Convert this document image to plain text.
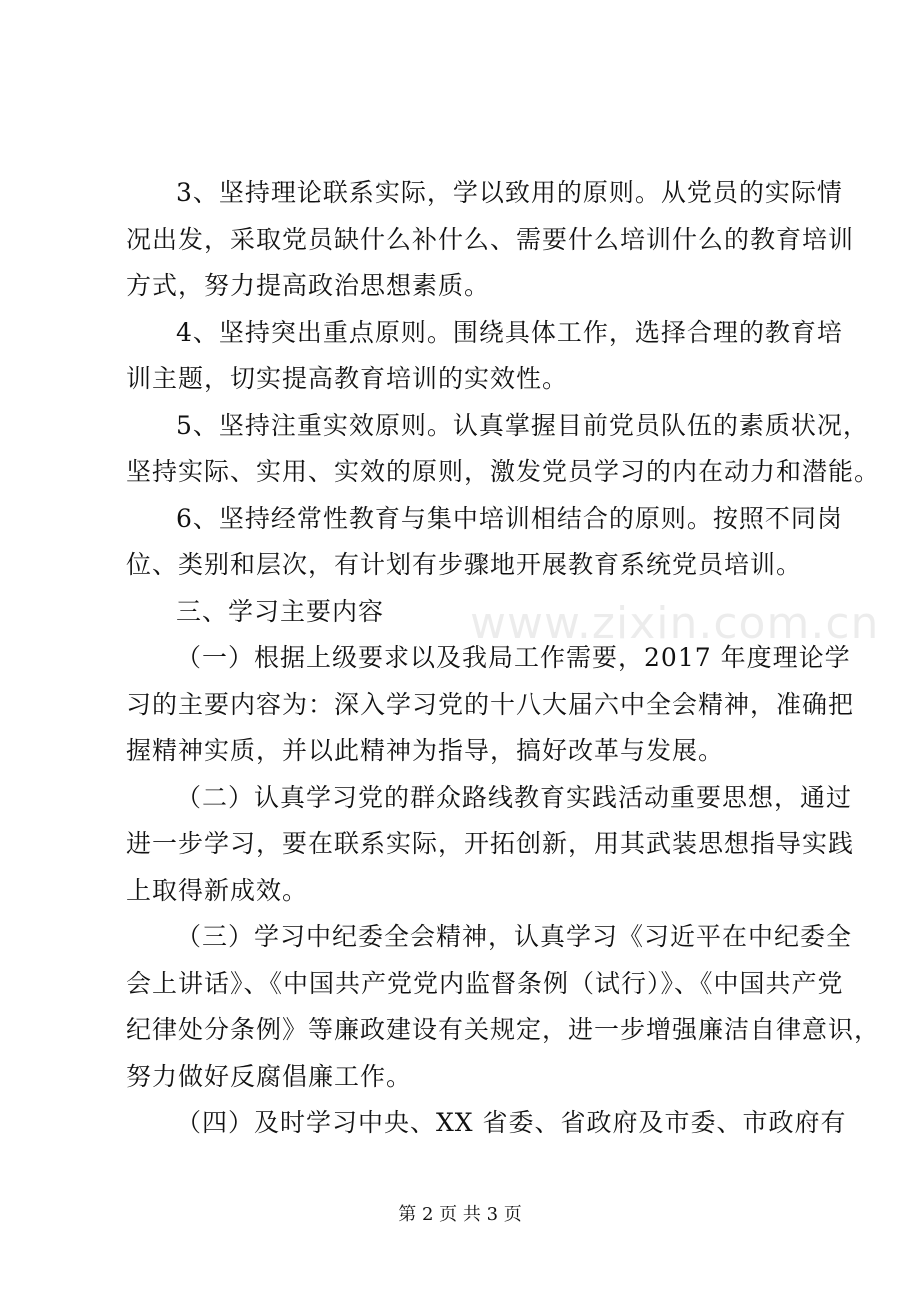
3、坚持理论联系实际，学以致用的原则。从党员的实际情
况出发，采取党员缺什么补什么、需要什么培训什么的教育培训
方式，努力提高政治思想素质。
4、坚持突出重点原则。围绕具体工作，选择合理的教育培
训主题，切实提高教育培训的实效性。
5、坚持注重实效原则。认真掌握目前党员队伍的素质状况，
坚持实际、实用、实效的原则，激发党员学习的内在动力和潜能。
6、坚持经常性教育与集中培训相结合的原则。按照不同岗
位、类别和层次，有计划有步骤地开展教育系统党员培训。
三、学习主要内容
（一）根据上级要求以及我局工作需要，2017 年度理论学
习的主要内容为：深入学习党的十八大届六中全会精神，准确把
握精神实质，并以此精神为指导，搞好改革与发展。
（二）认真学习党的群众路线教育实践活动重要思想，通过
进一步学习，要在联系实际，开拓创新，用其武装思想指导实践
上取得新成效。
（三）学习中纪委全会精神，认真学习《习近平在中纪委全
会上讲话》、《中国共产党党内监督条例（试行）》、《中国共产党
纪律处分条例》等廉政建设有关规定，进一步增强廉洁自律意识，
努力做好反腐倡廉工作。
（四）及时学习中央、XX 省委、省政府及市委、市政府有
www.zixin.com.cn
第 2 页 共 3 页
